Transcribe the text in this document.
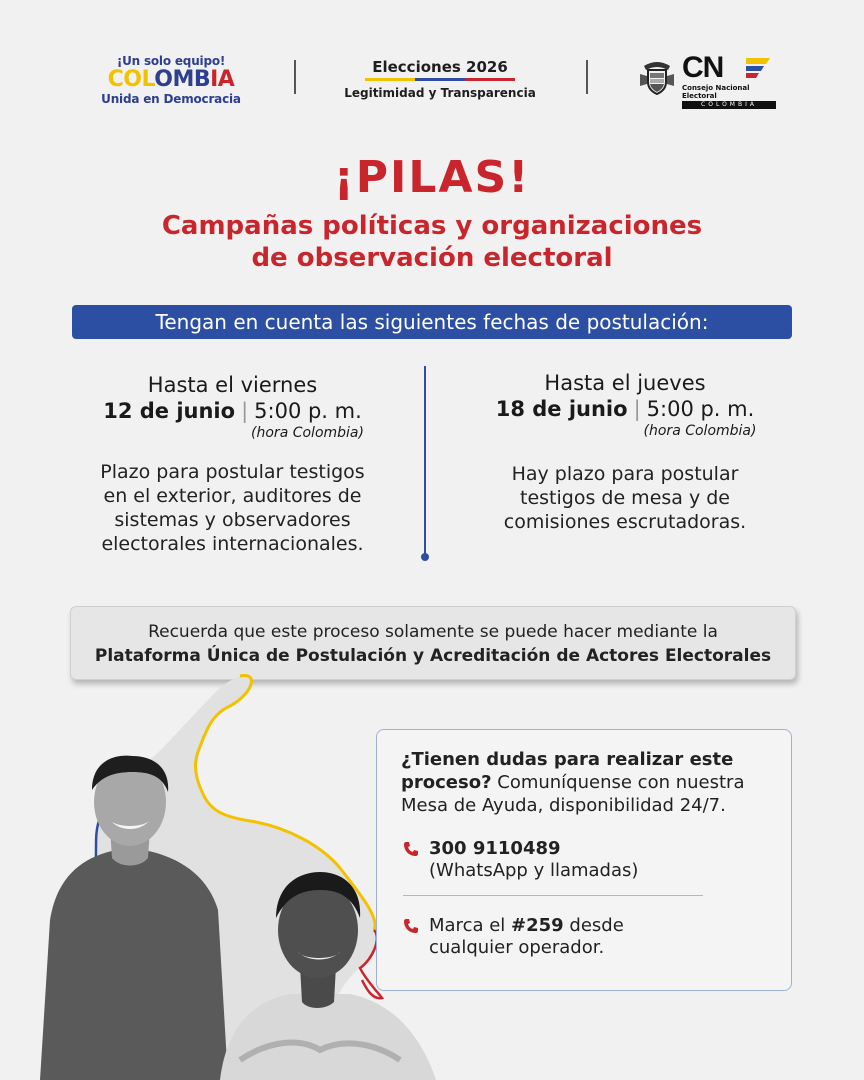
¡Un solo equipo!
COLOMBIA
Unida en Democracia
Elecciones 2026
Legitimidad y Transparencia
CN
Consejo Nacional Electoral
COLOMBIA
¡PILAS!
Campañas políticas y organizaciones
de observación electoral
Tengan en cuenta las siguientes fechas de postulación:
Hasta el viernes
12 de junio | 5:00 p. m.
(hora Colombia)
Plazo para postular testigos
en el exterior, auditores de
sistemas y observadores
electorales internacionales.
Hasta el jueves
18 de junio | 5:00 p. m.
(hora Colombia)
Hay plazo para postular
testigos de mesa y de
comisiones escrutadoras.
Recuerda que este proceso solamente se puede hacer mediante la
Plataforma Única de Postulación y Acreditación de Actores Electorales
¿Tienen dudas para realizar este proceso? Comuníquense con nuestra Mesa de Ayuda, disponibilidad 24/7.
300 9110489
(WhatsApp y llamadas)
Marca el #259 desde
cualquier operador.
